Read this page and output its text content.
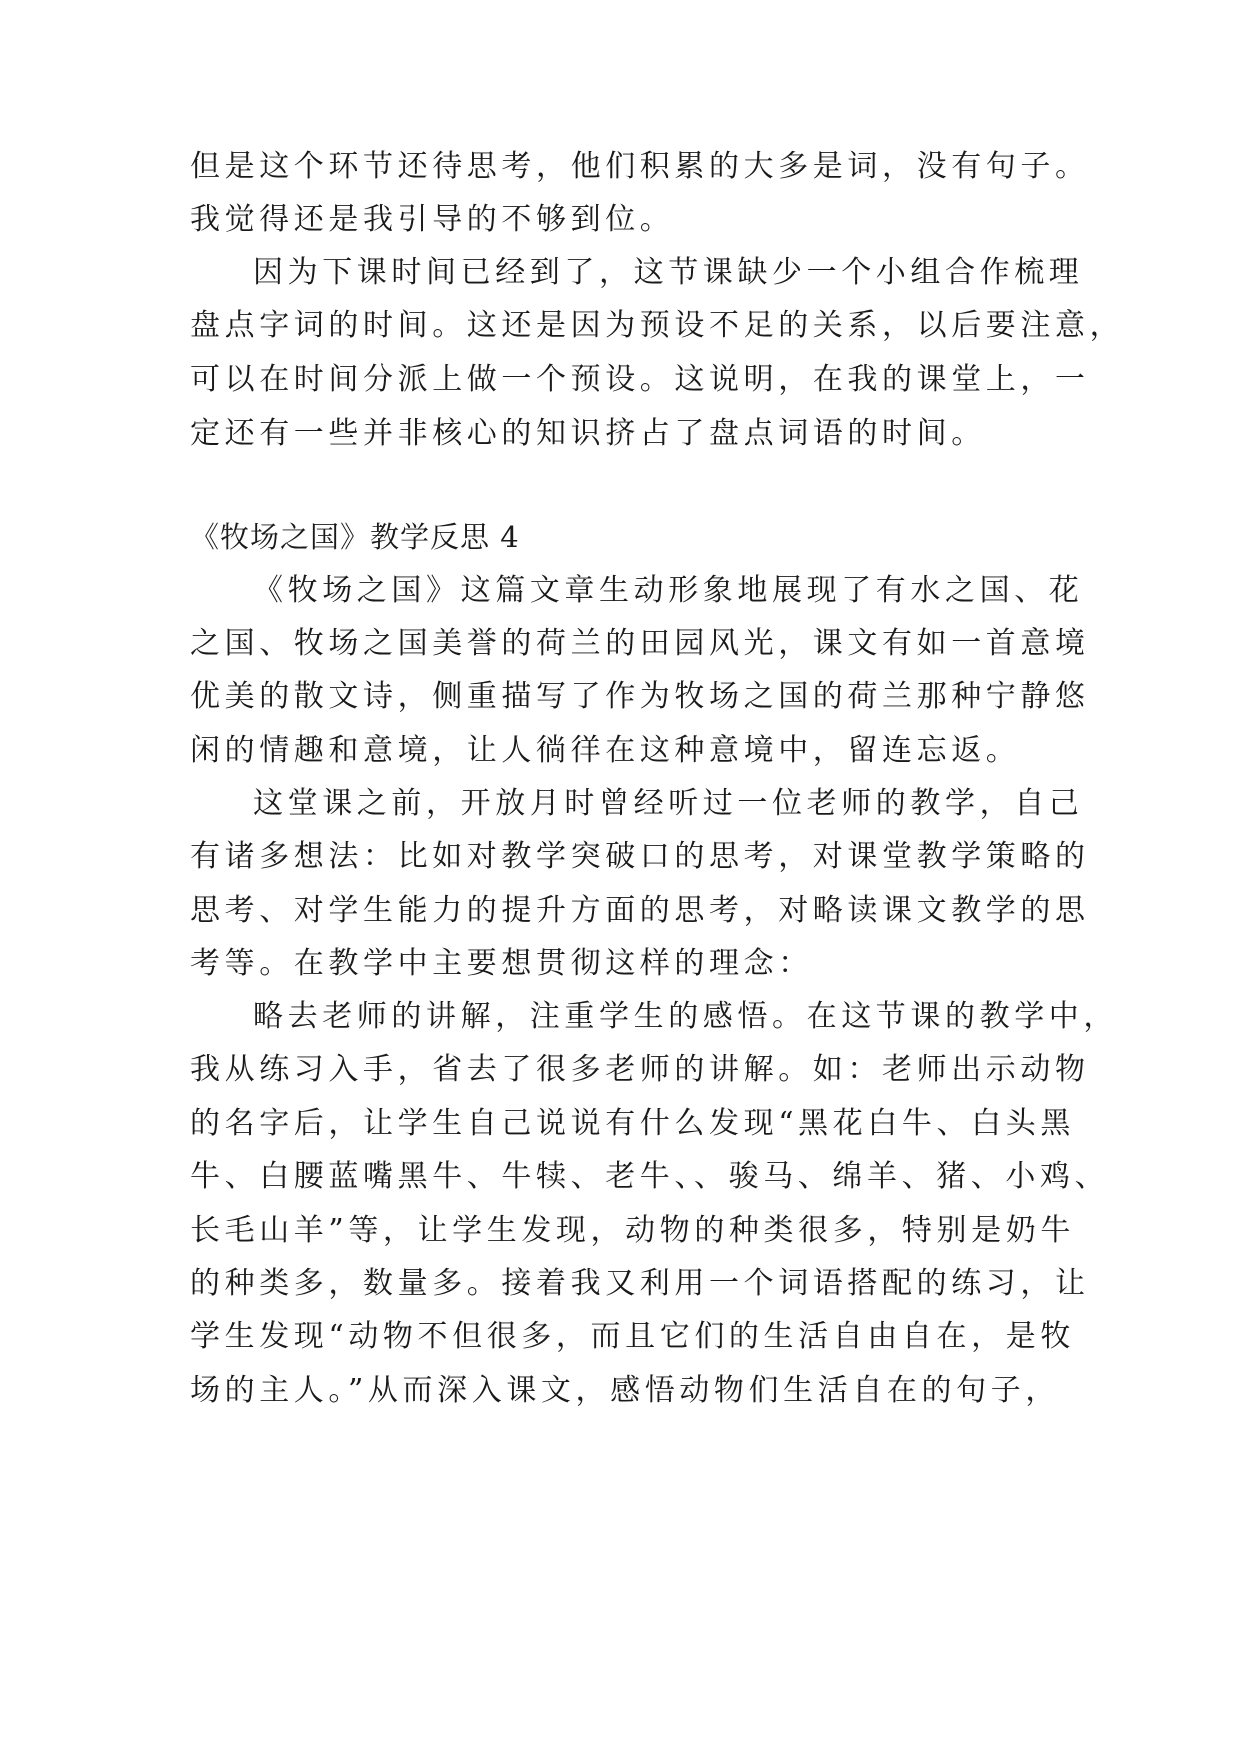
但是这个环节还待思考，他们积累的大多是词，没有句子。
我觉得还是我引导的不够到位。
因为下课时间已经到了，这节课缺少一个小组合作梳理
盘点字词的时间。这还是因为预设不足的关系，以后要注意，
可以在时间分派上做一个预设。这说明，在我的课堂上，一
定还有一些并非核心的知识挤占了盘点词语的时间。
《牧场之国》教学反思 4
《牧场之国》这篇文章生动形象地展现了有水之国、花
之国、牧场之国美誉的荷兰的田园风光，课文有如一首意境
优美的散文诗，侧重描写了作为牧场之国的荷兰那种宁静悠
闲的情趣和意境，让人徜徉在这种意境中，留连忘返。
这堂课之前，开放月时曾经听过一位老师的教学，自己
有诸多想法：比如对教学突破口的思考，对课堂教学策略的
思考、对学生能力的提升方面的思考，对略读课文教学的思
考等。在教学中主要想贯彻这样的理念：
略去老师的讲解，注重学生的感悟。在这节课的教学中，
我从练习入手，省去了很多老师的讲解。如：老师出示动物
的名字后，让学生自己说说有什么发现“黑花白牛、白头黑
牛、白腰蓝嘴黑牛、牛犊、老牛、、骏马、绵羊、猪、小鸡、
长毛山羊”等，让学生发现，动物的种类很多，特别是奶牛
的种类多，数量多。接着我又利用一个词语搭配的练习，让
学生发现“动物不但很多，而且它们的生活自由自在，是牧
场的主人。”从而深入课文，感悟动物们生活自在的句子，
